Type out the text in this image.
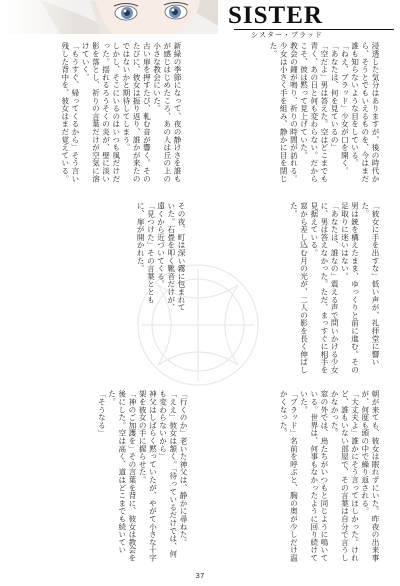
SISTER
シスター・ブラッド

浸透した気分はありますが、後の時代から、そうとでもいえるものを、今はまだ誰も知らないような目をしている。

「ねえ、ブラッド」少女が口を開く。「あなたは、何を見ているの」

「空だよ」男は答えた。空はどこまでも青く、あの日と何も変わらない。だからこそ、彼は黙って見上げていた。

教会の鐘が鳴り、祈りの時間が訪れる。少女は小さく手を組み、静かに目を閉じた。

新緑の季節になって、夜の静けさを誰もが感じはじめたころ、あの人は丘の上の小さな教会にいた。

古い扉を押すたび、軋む音が響く。そのたびに、彼女は振り返り、誰かが来たのではないかと期待してしまう。

しかし、そこにいるのはいつも風だけだった。揺れるろうそくの炎が、壁に淡い影を落とし、祈りの言葉だけが空気に溶けていく。

「もうすぐ、帰ってくるから」そう言い残した背中を、彼女はまだ覚えている。

「彼女に手を出すな」低い声が、礼拝堂に響いた。

男は銃を構えたまま、ゆっくりと前に進む。その足取りに迷いはない。

「あなたは、誰なの」震える声で問いかける少女に、男は答えなかった。ただ、まっすぐに相手を見据えている。

窓から差し込む月の光が、二人の影を長く伸ばした。

その夜、町は深い霧に包まれていた。石畳を叩く靴音だけが、遠くから近づいてくる。

「見つけた」その言葉とともに、扉が開かれた。

朝が来ても、彼女は眠れずにいた。昨夜の出来事が、何度も頭の中で繰り返される。

「大丈夫よ」誰かにそう言ってほしかった。けれど、誰もいない部屋で、その言葉は自分で言うしかなかった。

窓の外では、鳥たちがいつもと同じように鳴いている。世界は、何事もなかったように回り続けていた。

「ブラッド」名前を呼ぶと、胸の奥が少しだけ温かくなった。

「行くのか」老いた神父は、静かに尋ねた。

「ええ」彼女は頷く。「待っているだけでは、何も変わらないから」

神父はしばらく黙っていたが、やがて小さな十字架を彼女の手に握らせた。

「神のご加護を」その言葉を背に、彼女は教会を後にした。空は高く、道はどこまでも続いていた。

「そうなる」

37
